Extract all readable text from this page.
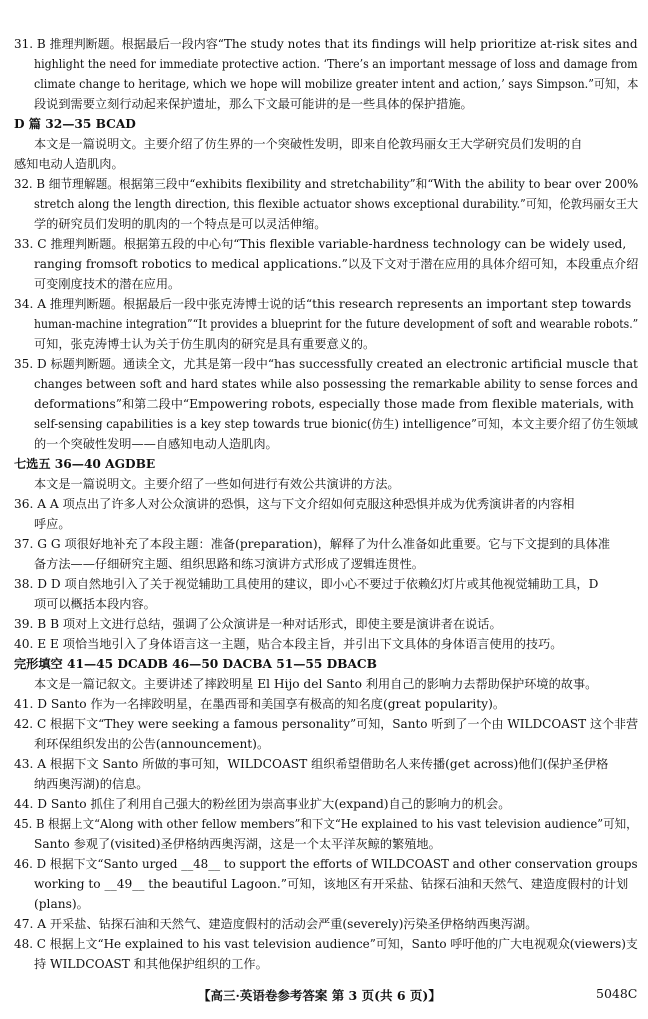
【高三·英语卷参考答案 第 3 页(共 6 页)】	5048C
31. B 推理判断题。根据最后一段内容“The study notes that its findings will help prioritize at-risk sites and
highlight the need for immediate protective action. ‘There’s an important message of loss and damage from
climate change to heritage, which we hope will mobilize greater intent and action,’ says Simpson.”可知，本
段说到需要立刻行动起来保护遗址，那么下文最可能讲的是一些具体的保护措施。
D 篇 32—35 BCAD
本文是一篇说明文。主要介绍了仿生界的一个突破性发明，即来自伦敦玛丽女王大学研究员们发明的自
感知电动人造肌肉。
32. B 细节理解题。根据第三段中“exhibits flexibility and stretchability”和“With the ability to bear over 200%
stretch along the length direction, this flexible actuator shows exceptional durability.”可知，伦敦玛丽女王大
学的研究员们发明的肌肉的一个特点是可以灵活伸缩。
33. C 推理判断题。根据第五段的中心句“This flexible variable-hardness technology can be widely used,
ranging fromsoft robotics to medical applications.”以及下文对于潜在应用的具体介绍可知，本段重点介绍
可变刚度技术的潜在应用。
34. A 推理判断题。根据最后一段中张克涛博士说的话“this research represents an important step towards
human-machine integration”“It provides a blueprint for the future development of soft and wearable robots.”
可知，张克涛博士认为关于仿生肌肉的研究是具有重要意义的。
35. D 标题判断题。通读全文，尤其是第一段中“has successfully created an electronic artificial muscle that
changes between soft and hard states while also possessing the remarkable ability to sense forces and
deformations”和第二段中“Empowering robots, especially those made from flexible materials, with
self-sensing capabilities is a key step towards true bionic(仿生) intelligence”可知，本文主要介绍了仿生领域
的一个突破性发明——自感知电动人造肌肉。
七选五 36—40 AGDBE
本文是一篇说明文。主要介绍了一些如何进行有效公共演讲的方法。
36. A A 项点出了许多人对公众演讲的恐惧，这与下文介绍如何克服这种恐惧并成为优秀演讲者的内容相
呼应。
37. G G 项很好地补充了本段主题：准备(preparation)，解释了为什么准备如此重要。它与下文提到的具体准
备方法——仔细研究主题、组织思路和练习演讲方式形成了逻辑连贯性。
38. D D 项自然地引入了关于视觉辅助工具使用的建议，即小心不要过于依赖幻灯片或其他视觉辅助工具，D
项可以概括本段内容。
39. B B 项对上文进行总结，强调了公众演讲是一种对话形式，即使主要是演讲者在说话。
40. E E 项恰当地引入了身体语言这一主题，贴合本段主旨，并引出下文具体的身体语言使用的技巧。
完形填空 41—45 DCADB 46—50 DACBA 51—55 DBACB
本文是一篇记叙文。主要讲述了摔跤明星 El Hijo del Santo 利用自己的影响力去帮助保护环境的故事。
41. D Santo 作为一名摔跤明星，在墨西哥和美国享有极高的知名度(great popularity)。
42. C 根据下文“They were seeking a famous personality”可知，Santo 听到了一个由 WILDCOAST 这个非营
利环保组织发出的公告(announcement)。
43. A 根据下文 Santo 所做的事可知，WILDCOAST 组织希望借助名人来传播(get across)他们(保护圣伊格
纳西奥泻湖)的信息。
44. D Santo 抓住了利用自己强大的粉丝团为崇高事业扩大(expand)自己的影响力的机会。
45. B 根据上文“Along with other fellow members”和下文“He explained to his vast television audience”可知，
Santo 参观了(visited)圣伊格纳西奥泻湖，这是一个太平洋灰鲸的繁殖地。
46. D 根据下文“Santo urged __48__ to support the efforts of WILDCOAST and other conservation groups
working to __49__ the beautiful Lagoon.”可知，该地区有开采盐、钻探石油和天然气、建造度假村的计划
(plans)。
47. A 开采盐、钻探石油和天然气、建造度假村的活动会严重(severely)污染圣伊格纳西奥泻湖。
48. C 根据上文“He explained to his vast television audience”可知，Santo 呼吁他的广大电视观众(viewers)支
持 WILDCOAST 和其他保护组织的工作。
